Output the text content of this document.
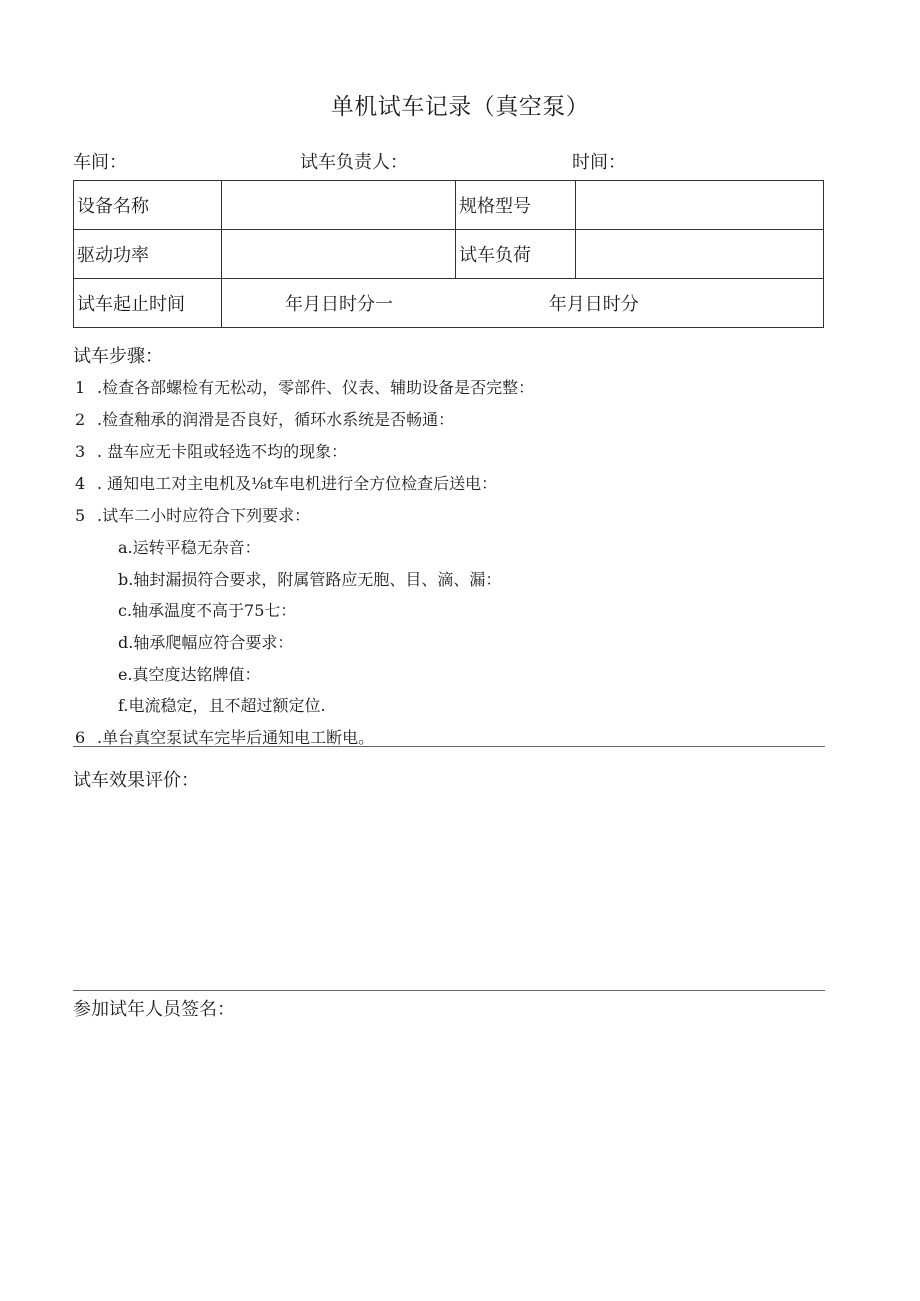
单机试车记录（真空泵）
车间：	试车负责人：	时间：
设备名称		规格型号	
驱动功率		试车负荷	
试车起止时间	年月日时分一 年月日时分		
试车步骤：
1 .检查各部螺检有无松动，零部件、仪表、辅助设备是否完整：
2 .检查釉承的润滑是否良好，循环水系统是否畅通：
3 . 盘车应无卡阻或轻选不均的现象：
4 . 通知电工对主电机及⅛t车电机进行全方位检查后送电：
5 .试车二小时应符合下列要求：
a.运转平稳无杂音：
b.轴封漏损符合要求，附属管路应无胞、目、滴、漏：
c.轴承温度不高于75七：
d.轴承爬幅应符合要求：
e.真空度达铭牌值：
f.电流稳定，且不超过额定位.
6 .单台真空泵试车完毕后通知电工断电。
试车效果评价：
参加试年人员签名：
